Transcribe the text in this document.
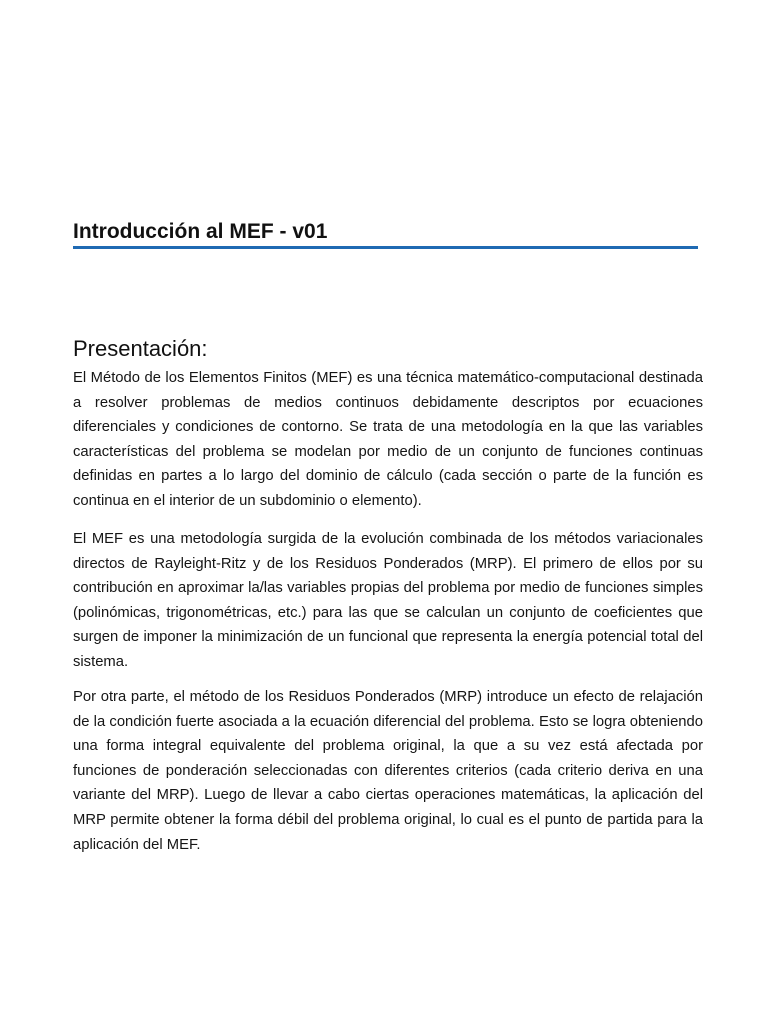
Introducción al MEF - v01
Presentación:

El Método de los Elementos Finitos (MEF) es una técnica matemático-computacional destinada a resolver problemas de medios continuos debidamente descriptos por ecuaciones diferenciales y condiciones de contorno. Se trata de una metodología en la que las variables características del problema se modelan por medio de un conjunto de funciones continuas definidas en partes a lo largo del dominio de cálculo (cada sección o parte de la función es continua en el interior de un subdominio o elemento).

El MEF es una metodología surgida de la evolución combinada de los métodos variacionales directos de Rayleight-Ritz y de los Residuos Ponderados (MRP). El primero de ellos por su contribución en aproximar la/las variables propias del problema por medio de funciones simples (polinómicas, trigonométricas, etc.) para las que se calculan un conjunto de coeficientes que surgen de imponer la minimización de un funcional que representa la energía potencial total del sistema.

Por otra parte, el método de los Residuos Ponderados (MRP) introduce un efecto de relajación de la condición fuerte asociada a la ecuación diferencial del problema. Esto se logra obteniendo una forma integral equivalente del problema original, la que a su vez está afectada por funciones de ponderación seleccionadas con diferentes criterios (cada criterio deriva en una variante del MRP). Luego de llevar a cabo ciertas operaciones matemáticas, la aplicación del MRP permite obtener la forma débil del problema original, lo cual es el punto de partida para la aplicación del MEF.
